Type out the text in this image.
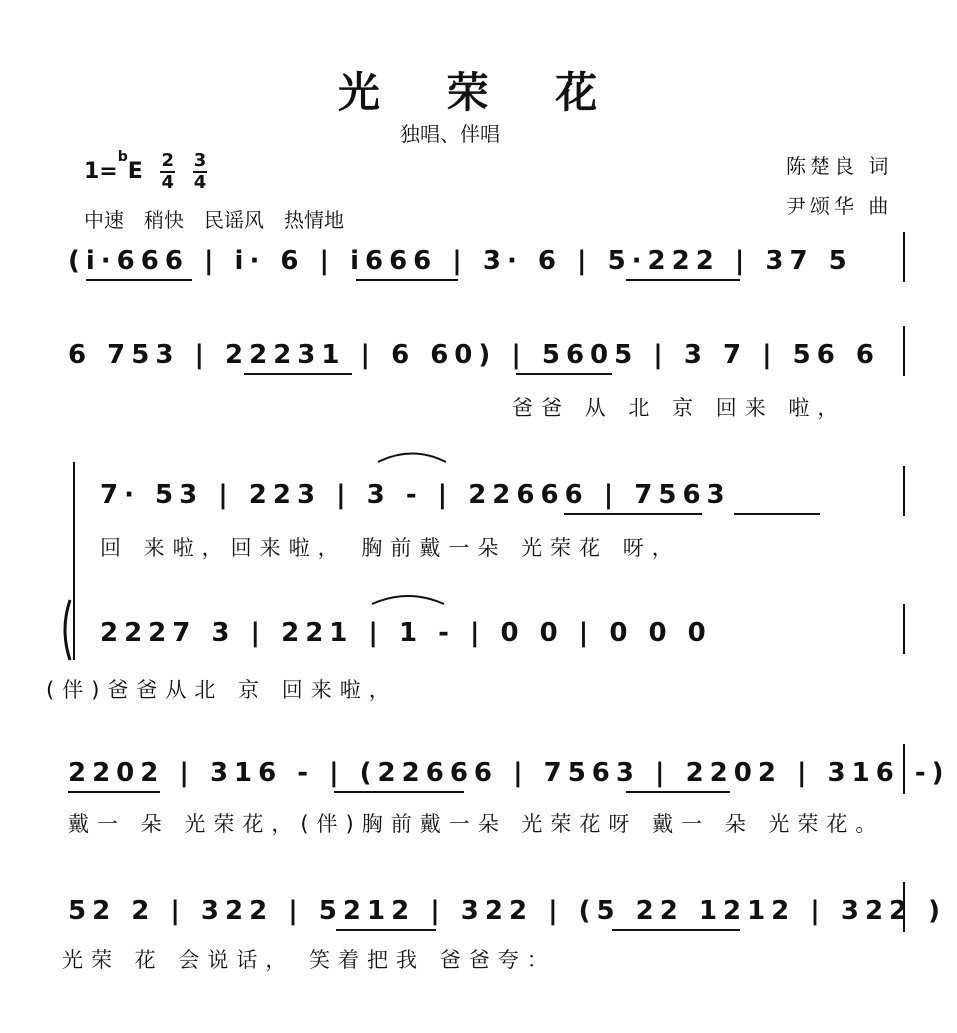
光 荣 花
独唱、伴唱
$1=^bE \frac{2}{4}$
$\frac{3}{4}$
中速　稍快　民谣风　热情地
陈楚良 词
尹颂华 曲
(i·666 | i· 6 | i666 | 3· 6 | 5·222 | 37 5
6 753 | 22231 | 6 60) | 5605 | 3 7 | 56 6
爸爸 从 北 京 回来 啦，
7· 53 | 223 | 3 - | 22666 | 7563
回 来啦，回来啦， 胸前戴一朵 光荣花 呀，
2227 3 | 221 | 1 - | 0 0 | 0 0 0
(伴)爸爸从北 京 回来啦，
2202 | 316 - | (22666 | 7563 | 2202 | 316 -)
戴一 朵 光荣花，(伴)胸前戴一朵 光荣花呀 戴一 朵 光荣花。
52 2 | 322 | 5212 | 322 | (5 22 1212 | 322 )
光荣 花 会说话， 笑着把我 爸爸夸：
